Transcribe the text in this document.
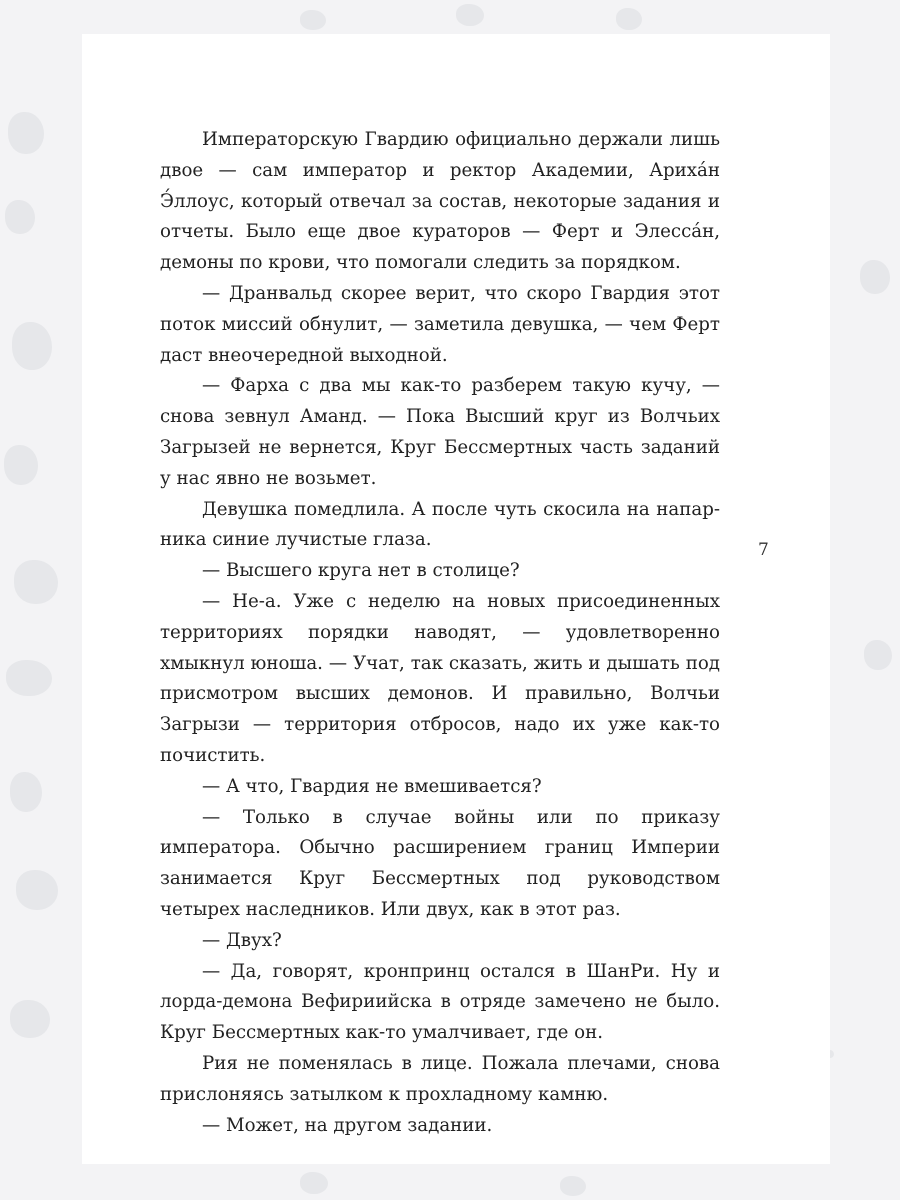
Императорскую Гвардию официально держали лишь двое — сам император и ректор Академии, Арихáн Э́ллоус, который отвечал за состав, некоторые задания и отчеты. Было еще двое кураторов — Ферт и Элессáн, демоны по крови, что помогали следить за порядком.

— Дранвальд скорее верит, что скоро Гвардия этот поток миссий обнулит, — заметила девушка, — чем Ферт даст внеочередной выходной.

— Фарха с два мы как-то разберем такую кучу, — снова зевнул Аманд. — Пока Высший круг из Волчьих Загрызей не вернется, Круг Бессмертных часть заданий у нас явно не возьмет.

Девушка помедлила. А после чуть скосила на напарника синие лучистые глаза.

— Высшего круга нет в столице?

— Не-а. Уже с неделю на новых присоединенных территориях порядки наводят, — удовлетворенно хмыкнул юноша. — Учат, так сказать, жить и дышать под присмотром высших демонов. И правильно, Волчьи Загрызи — территория отбросов, надо их уже как-то почистить.

— А что, Гвардия не вмешивается?

— Только в случае войны или по приказу императора. Обычно расширением границ Империи занимается Круг Бессмертных под руководством четырех наследников. Или двух, как в этот раз.

— Двух?

— Да, говорят, кронпринц остался в ШанРи. Ну и лорда-демона Вефириийска в отряде замечено не было. Круг Бессмертных как-то умалчивает, где он.

Рия не поменялась в лице. Пожала плечами, снова прислоняясь затылком к прохладному камню.

— Может, на другом задании.

7
